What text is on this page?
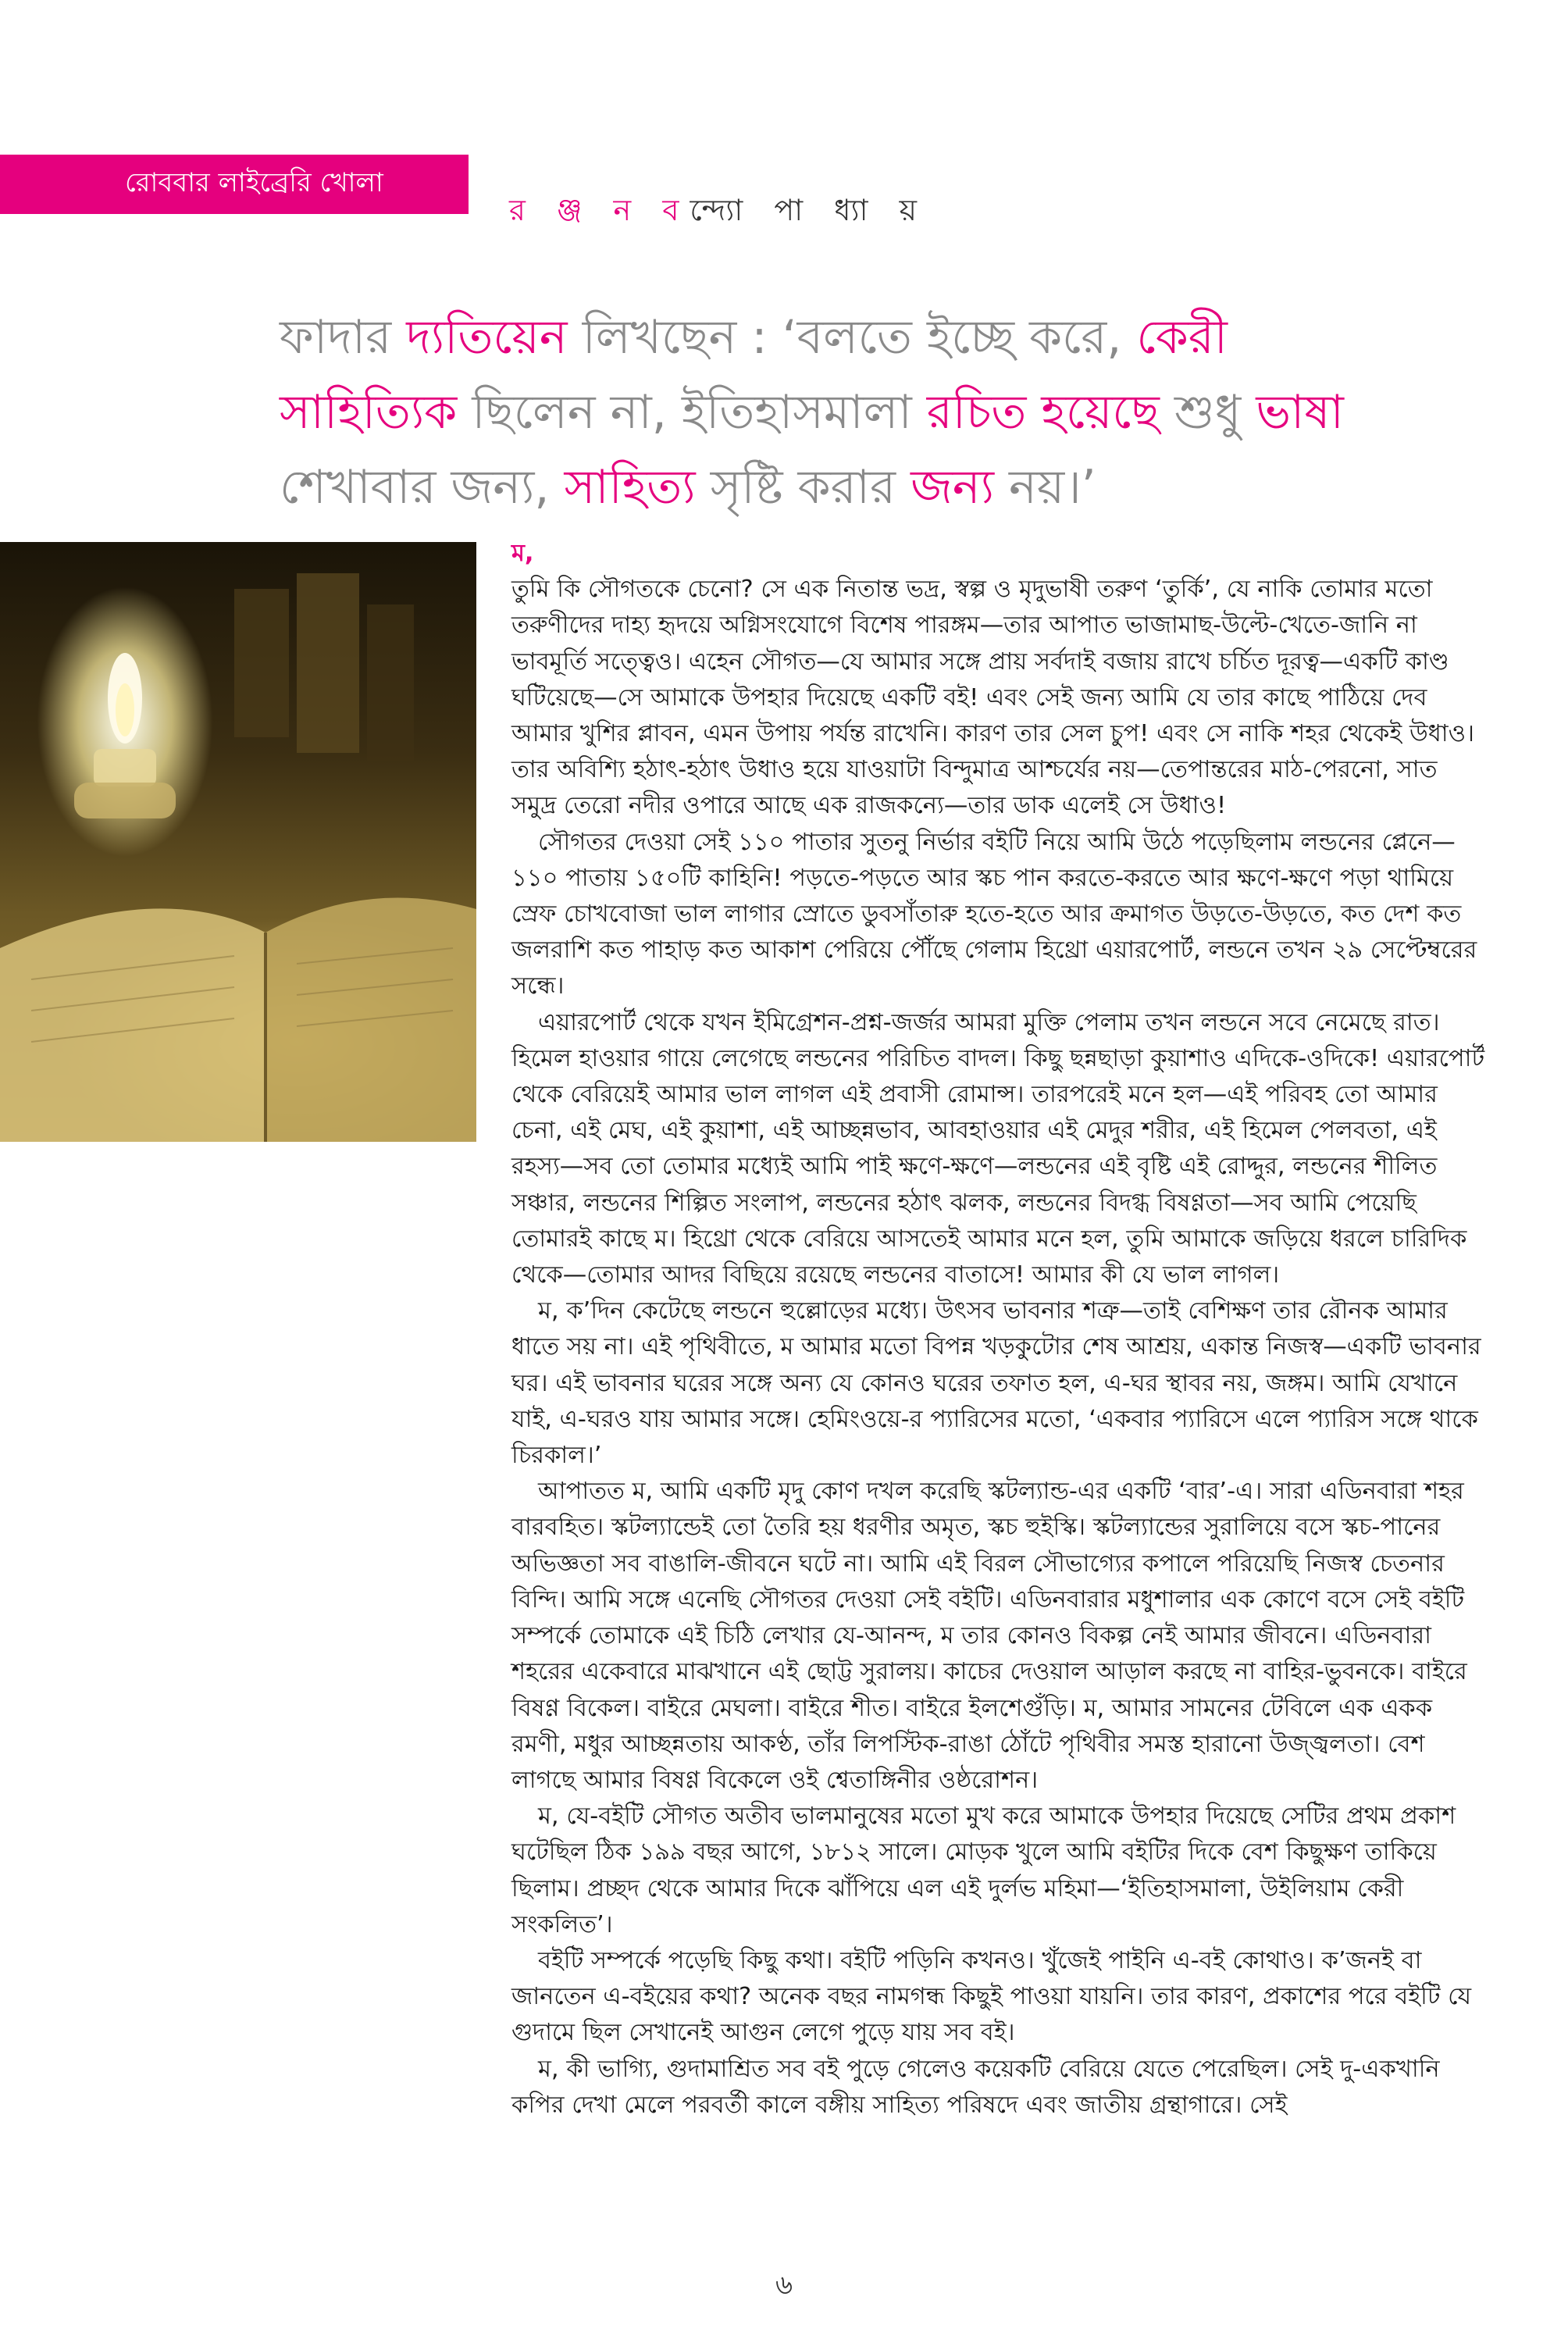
রোববার লাইব্রেরি খোলা
র ঞ্জ ন বন্দ্যো পা ধ্যা য়
ফাদার দ্যতিয়েন লিখছেন : ‘বলতে ইচ্ছে করে, কেরী সাহিত্যিক ছিলেন না, ইতিহাসমালা রচিত হয়েছে শুধু ভাষা শেখাবার জন্য, সাহিত্য সৃষ্টি করার জন্য নয়।’

ম,

তুমি কি সৌগতকে চেনো? সে এক নিতান্ত ভদ্র, স্বল্প ও মৃদুভাষী তরুণ ‘তুর্কি’, যে নাকি তোমার মতো তরুণীদের দাহ্য হৃদয়ে অগ্নিসংযোগে বিশেষ পারঙ্গম—তার আপাত ভাজামাছ-উল্টে-খেতে-জানি না ভাবমূর্তি সত্ত্বেও। এহেন সৌগত—যে আমার সঙ্গে প্রায় সর্বদাই বজায় রাখে চর্চিত দূরত্ব—একটি কাণ্ড ঘটিয়েছে—সে আমাকে উপহার দিয়েছে একটি বই! এবং সেই জন্য আমি যে তার কাছে পাঠিয়ে দেব আমার খুশির প্লাবন, এমন উপায় পর্যন্ত রাখেনি। কারণ তার সেল চুপ! এবং সে নাকি শহর থেকেই উধাও। তার অবিশ্যি হঠাৎ-হঠাৎ উধাও হয়ে যাওয়াটা বিন্দুমাত্র আশ্চর্যের নয়—তেপান্তরের মাঠ-পেরনো, সাত সমুদ্র তেরো নদীর ওপারে আছে এক রাজকন্যে—তার ডাক এলেই সে উধাও!

সৌগতর দেওয়া সেই ১১০ পাতার সুতনু নির্ভার বইটি নিয়ে আমি উঠে পড়েছিলাম লন্ডনের প্লেনে—১১০ পাতায় ১৫০টি কাহিনি! পড়তে-পড়তে আর স্কচ পান করতে-করতে আর ক্ষণে-ক্ষণে পড়া থামিয়ে স্রেফ চোখবোজা ভাল লাগার স্রোতে ডুবসাঁতারু হতে-হতে আর ক্রমাগত উড়তে-উড়তে, কত দেশ কত জলরাশি কত পাহাড় কত আকাশ পেরিয়ে পৌঁছে গেলাম হিথ্রো এয়ারপোর্ট, লন্ডনে তখন ২৯ সেপ্টেম্বরের সন্ধে।

এয়ারপোর্ট থেকে যখন ইমিগ্রেশন-প্রশ্ন-জর্জর আমরা মুক্তি পেলাম তখন লন্ডনে সবে নেমেছে রাত। হিমেল হাওয়ার গায়ে লেগেছে লন্ডনের পরিচিত বাদল। কিছু ছন্নছাড়া কুয়াশাও এদিকে-ওদিকে! এয়ারপোর্ট থেকে বেরিয়েই আমার ভাল লাগল এই প্রবাসী রোমান্স। তারপরেই মনে হল—এই পরিবহ তো আমার চেনা, এই মেঘ, এই কুয়াশা, এই আচ্ছন্নভাব, আবহাওয়ার এই মেদুর শরীর, এই হিমেল পেলবতা, এই রহস্য—সব তো তোমার মধ্যেই আমি পাই ক্ষণে-ক্ষণে—লন্ডনের এই বৃষ্টি এই রোদ্দুর, লন্ডনের শীলিত সঞ্চার, লন্ডনের শিল্পিত সংলাপ, লন্ডনের হঠাৎ ঝলক, লন্ডনের বিদগ্ধ বিষণ্ণতা—সব আমি পেয়েছি তোমারই কাছে ম। হিথ্রো থেকে বেরিয়ে আসতেই আমার মনে হল, তুমি আমাকে জড়িয়ে ধরলে চারিদিক থেকে—তোমার আদর বিছিয়ে রয়েছে লন্ডনের বাতাসে! আমার কী যে ভাল লাগল।

ম, ক’দিন কেটেছে লন্ডনে হুল্লোড়ের মধ্যে। উৎসব ভাবনার শত্রু—তাই বেশিক্ষণ তার রৌনক আমার ধাতে সয় না। এই পৃথিবীতে, ম আমার মতো বিপন্ন খড়কুটোর শেষ আশ্রয়, একান্ত নিজস্ব—একটি ভাবনার ঘর। এই ভাবনার ঘরের সঙ্গে অন্য যে কোনও ঘরের তফাত হল, এ-ঘর স্থাবর নয়, জঙ্গম। আমি যেখানে যাই, এ-ঘরও যায় আমার সঙ্গে। হেমিংওয়ে-র প্যারিসের মতো, ‘একবার প্যারিসে এলে প্যারিস সঙ্গে থাকে চিরকাল।’

আপাতত ম, আমি একটি মৃদু কোণ দখল করেছি স্কটল্যান্ড-এর একটি ‘বার’-এ। সারা এডিনবারা শহর বারবহিত। স্কটল্যান্ডেই তো তৈরি হয় ধরণীর অমৃত, স্কচ হুইস্কি। স্কটল্যান্ডের সুরালিয়ে বসে স্কচ-পানের অভিজ্ঞতা সব বাঙালি-জীবনে ঘটে না। আমি এই বিরল সৌভাগ্যের কপালে পরিয়েছি নিজস্ব চেতনার বিন্দি। আমি সঙ্গে এনেছি সৌগতর দেওয়া সেই বইটি। এডিনবারার মধুশালার এক কোণে বসে সেই বইটি সম্পর্কে তোমাকে এই চিঠি লেখার যে-আনন্দ, ম তার কোনও বিকল্প নেই আমার জীবনে। এডিনবারা শহরের একেবারে মাঝখানে এই ছোট্ট সুরালয়। কাচের দেওয়াল আড়াল করছে না বাহির-ভুবনকে। বাইরে বিষণ্ণ বিকেল। বাইরে মেঘলা। বাইরে শীত। বাইরে ইলশেগুঁড়ি। ম, আমার সামনের টেবিলে এক একক রমণী, মধুর আচ্ছন্নতায় আকণ্ঠ, তাঁর লিপস্টিক-রাঙা ঠোঁটে পৃথিবীর সমস্ত হারানো উজ্জ্বলতা। বেশ লাগছে আমার বিষণ্ণ বিকেলে ওই শ্বেতাঙ্গিনীর ওষ্ঠরোশন।

ম, যে-বইটি সৌগত অতীব ভালমানুষের মতো মুখ করে আমাকে উপহার দিয়েছে সেটির প্রথম প্রকাশ ঘটেছিল ঠিক ১৯৯ বছর আগে, ১৮১২ সালে। মোড়ক খুলে আমি বইটির দিকে বেশ কিছুক্ষণ তাকিয়ে ছিলাম। প্রচ্ছদ থেকে আমার দিকে ঝাঁপিয়ে এল এই দুর্লভ মহিমা—‘ইতিহাসমালা, উইলিয়াম কেরী সংকলিত’।

বইটি সম্পর্কে পড়েছি কিছু কথা। বইটি পড়িনি কখনও। খুঁজেই পাইনি এ-বই কোথাও। ক’জনই বা জানতেন এ-বইয়ের কথা? অনেক বছর নামগন্ধ কিছুই পাওয়া যায়নি। তার কারণ, প্রকাশের পরে বইটি যে গুদামে ছিল সেখানেই আগুন লেগে পুড়ে যায় সব বই।

ম, কী ভাগ্যি, গুদামাশ্রিত সব বই পুড়ে গেলেও কয়েকটি বেরিয়ে যেতে পেরেছিল। সেই দু-একখানি কপির দেখা মেলে পরবর্তী কালে বঙ্গীয় সাহিত্য পরিষদে এবং জাতীয় গ্রন্থাগারে। সেই

৬
